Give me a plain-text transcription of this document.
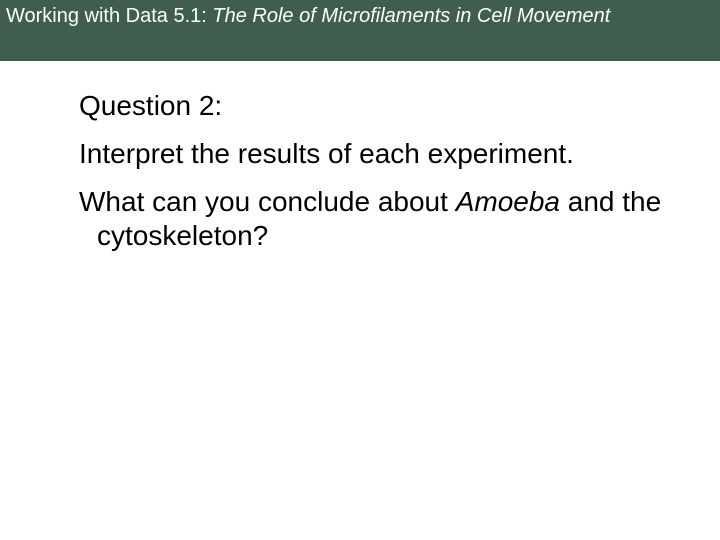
Working with Data 5.1: The Role of Microfilaments in Cell Movement

Question 2:

Interpret the results of each experiment.

What can you conclude about Amoeba and the cytoskeleton?
